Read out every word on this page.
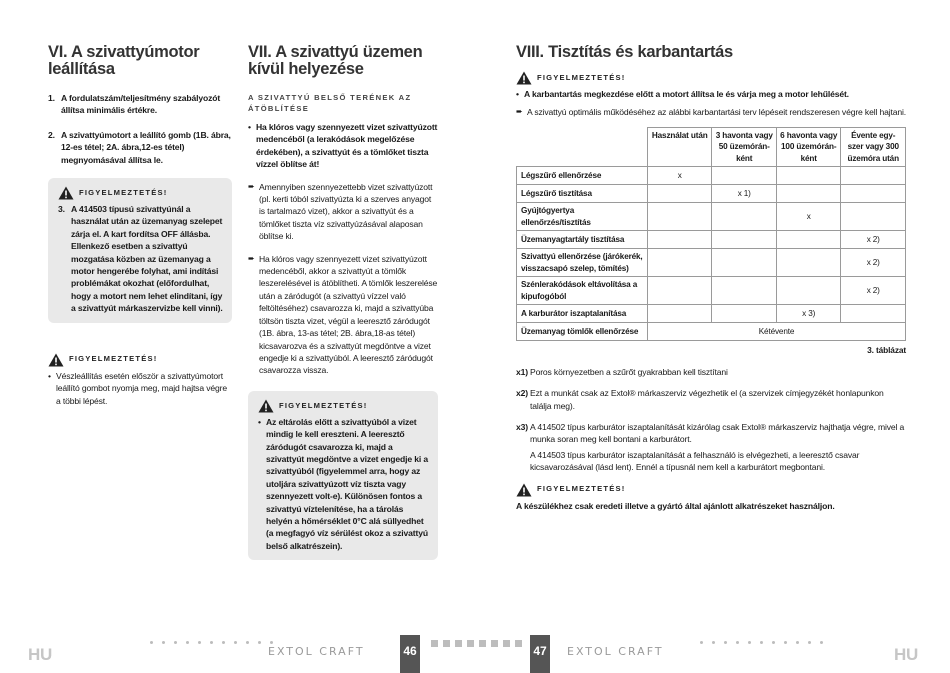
VI. A szivattyúmotor leállítása
1. A fordulatszám/teljesítmény szabályozót állítsa minimális értékre.
2. A szivattyúmotort a leállító gomb (1B. ábra, 12-es tétel; 2A. ábra,12-es tétel) megnyomásával állítsa le.
FIGYELMEZTETÉS!
3. A 414503 típusú szivattyúnál a használat után az üzemanyag szelepet zárja el. A kart fordítsa OFF állásba. Ellenkező esetben a szivattyú mozgatása közben az üzemanyag a motor hengerébe folyhat, ami indítási problémákat okozhat (előfordulhat, hogy a motort nem lehet elindítani, így a szivattyút márkaszervizbe kell vinni).
FIGYELMEZTETÉS!
• Vészleállítás esetén először a szivattyúmotort leállító gombot nyomja meg, majd hajtsa végre a többi lépést.
VII. A szivattyú üzemen kívül helyezése
A SZIVATTYÚ BELSŐ TERÉNEK AZ ÁTÖBLÍTÉSE
• Ha klóros vagy szennyezett vizet szivattyúzott medencéből (a lerakódások megelőzése érdekében), a szivattyút és a tömlőket tiszta vízzel öblítse át!
➨ Amennyiben szennyezettebb vizet szivattyúzott (pl. kerti tóból szivattyúzta ki a szerves anyagot is tartalmazó vizet), akkor a szivattyút és a tömlőket tiszta víz szivattyúzásával alaposan öblítse ki.
➨ Ha klóros vagy szennyezett vizet szivattyúzott medencéből, akkor a szivattyút a tömlők leszerelésével is átöblítheti. A tömlők leszerelése után a záródugót (a szivattyú vízzel való feltöltéséhez) csavarozza ki, majd a szivattyúba töltsön tiszta vizet, végül a leeresztő záródugót (1B. ábra, 13-as tétel; 2B. ábra,18-as tétel) kicsavarozva és a szivattyút megdöntve a vizet engedje ki a szivattyúból. A leeresztő záródugót csavarozza vissza.
FIGYELMEZTETÉS!
• Az eltárolás előtt a szivattyúból a vizet mindig le kell ereszteni. A leeresztő záródugót csavarozza ki, majd a szivattyút megdöntve a vizet engedje ki a szivattyúból (figyelemmel arra, hogy az utoljára szivattyúzott víz tiszta vagy szennyezett volt-e). Különösen fontos a szivattyú víztelenítése, ha a tárolás helyén a hőmérséklet 0°C alá süllyedhet (a megfagyó víz sérülést okoz a szivattyú belső alkatrészein).
VIII. Tisztítás és karbantartás
FIGYELMEZTETÉS!
• A karbantartás megkezdése előtt a motort állítsa le és várja meg a motor lehűlését.
➨ A szivattyú optimális működéséhez az alábbi karbantartási terv lépéseit rendszeresen végre kell hajtani.
	Használat után	3 havonta vagy 50 üzemórán-ként	6 havonta vagy 100 üzemórán-ként	Évente egy-szer vagy 300 üzemóra után
Légszűrő ellenőrzése	x			
Légszűrő tisztítása		x 1)		
Gyújtógyertya ellenőrzés/tisztítás			x	
Üzemanyagtartály tisztítása				x 2)
Szivattyú ellenőrzése (járókerék, visszacsapó szelep, tömítés)				x 2)
Szénlerakódások eltávolítása a kipufogóból				x 2)
A karburátor iszaptalanítása			x 3)	
Üzemanyag tömlők ellenőrzése	Kétévente			
3. táblázat
x1) Poros környezetben a szűrőt gyakrabban kell tisztítani
x2) Ezt a munkát csak az Extol® márkaszerviz végezhetik el (a szervizek címjegyzékét honlapunkon találja meg).
x3) A 414502 típus karburátor iszaptalanítását kizárólag csak Extol® márkaszerviz hajthatja végre, mivel a munka soran meg kell bontani a karburátort.
A 414503 típus karburátor iszaptalanítását a felhasználó is elvégezheti, a leeresztő csavar kicsavarozásával (lásd lent). Ennél a típusnál nem kell a karburátort megbontani.
FIGYELMEZTETÉS!
A készülékhez csak eredeti illetve a gyártó által ajánlott alkatrészeket használjon.
HU	EXTOL CRAFT	46	47	EXTOL CRAFT	HU
